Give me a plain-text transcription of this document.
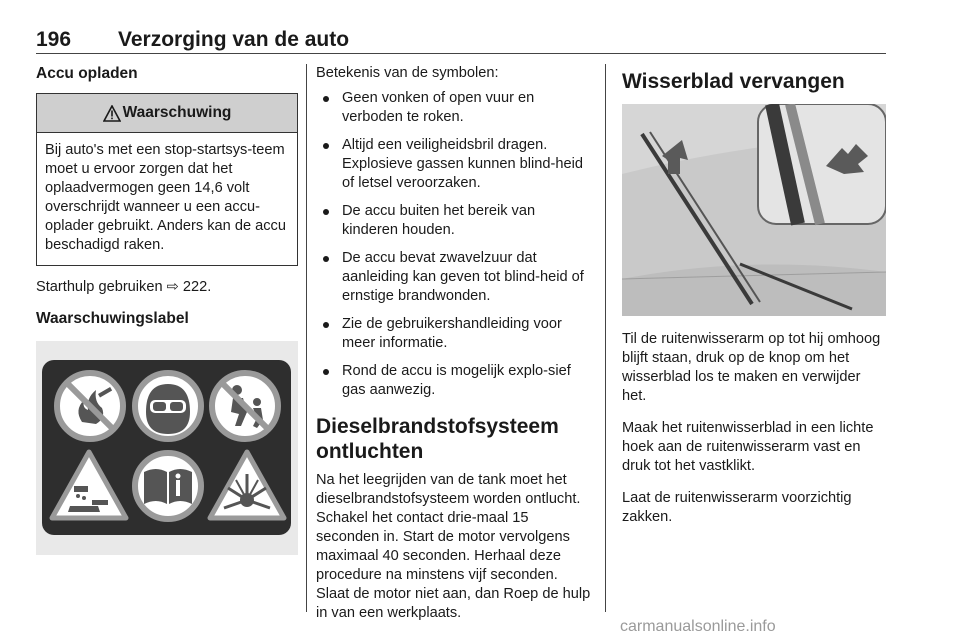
196 Verzorging van de auto
Accu opladen
Waarschuwing

Bij auto's met een stop-startsys-teem moet u ervoor zorgen dat het oplaadvermogen geen 14,6 volt overschrijdt wanneer u een accu-oplader gebruikt. Anders kan de accu beschadigd raken.

Starthulp gebruiken ⇨ 222.

Waarschuwingslabel

Betekenis van de symbolen:

Geen vonken of open vuur en verboden te roken.
Altijd een veiligheidsbril dragen. Explosieve gassen kunnen blind-heid of letsel veroorzaken.
De accu buiten het bereik van kinderen houden.
De accu bevat zwavelzuur dat aanleiding kan geven tot blind-heid of ernstige brandwonden.
Zie de gebruikershandleiding voor meer informatie.
Rond de accu is mogelijk explo-sief gas aanwezig.
Dieselbrandstofsysteem ontluchten

Na het leegrijden van de tank moet het dieselbrandstofsysteem worden ontlucht. Schakel het contact drie-maal 15 seconden in. Start de motor vervolgens maximaal 40 seconden. Herhaal deze procedure na minstens vijf seconden. Slaat de motor niet aan, dan Roep de hulp in van een werkplaats.

Wisserblad vervangen

Til de ruitenwisserarm op tot hij omhoog blijft staan, druk op de knop om het wisserblad los te maken en verwijder het.

Maak het ruitenwisserblad in een lichte hoek aan de ruitenwisserarm vast en druk tot het vastklikt.

Laat de ruitenwisserarm voorzichtig zakken.

carmanualsonline.info
